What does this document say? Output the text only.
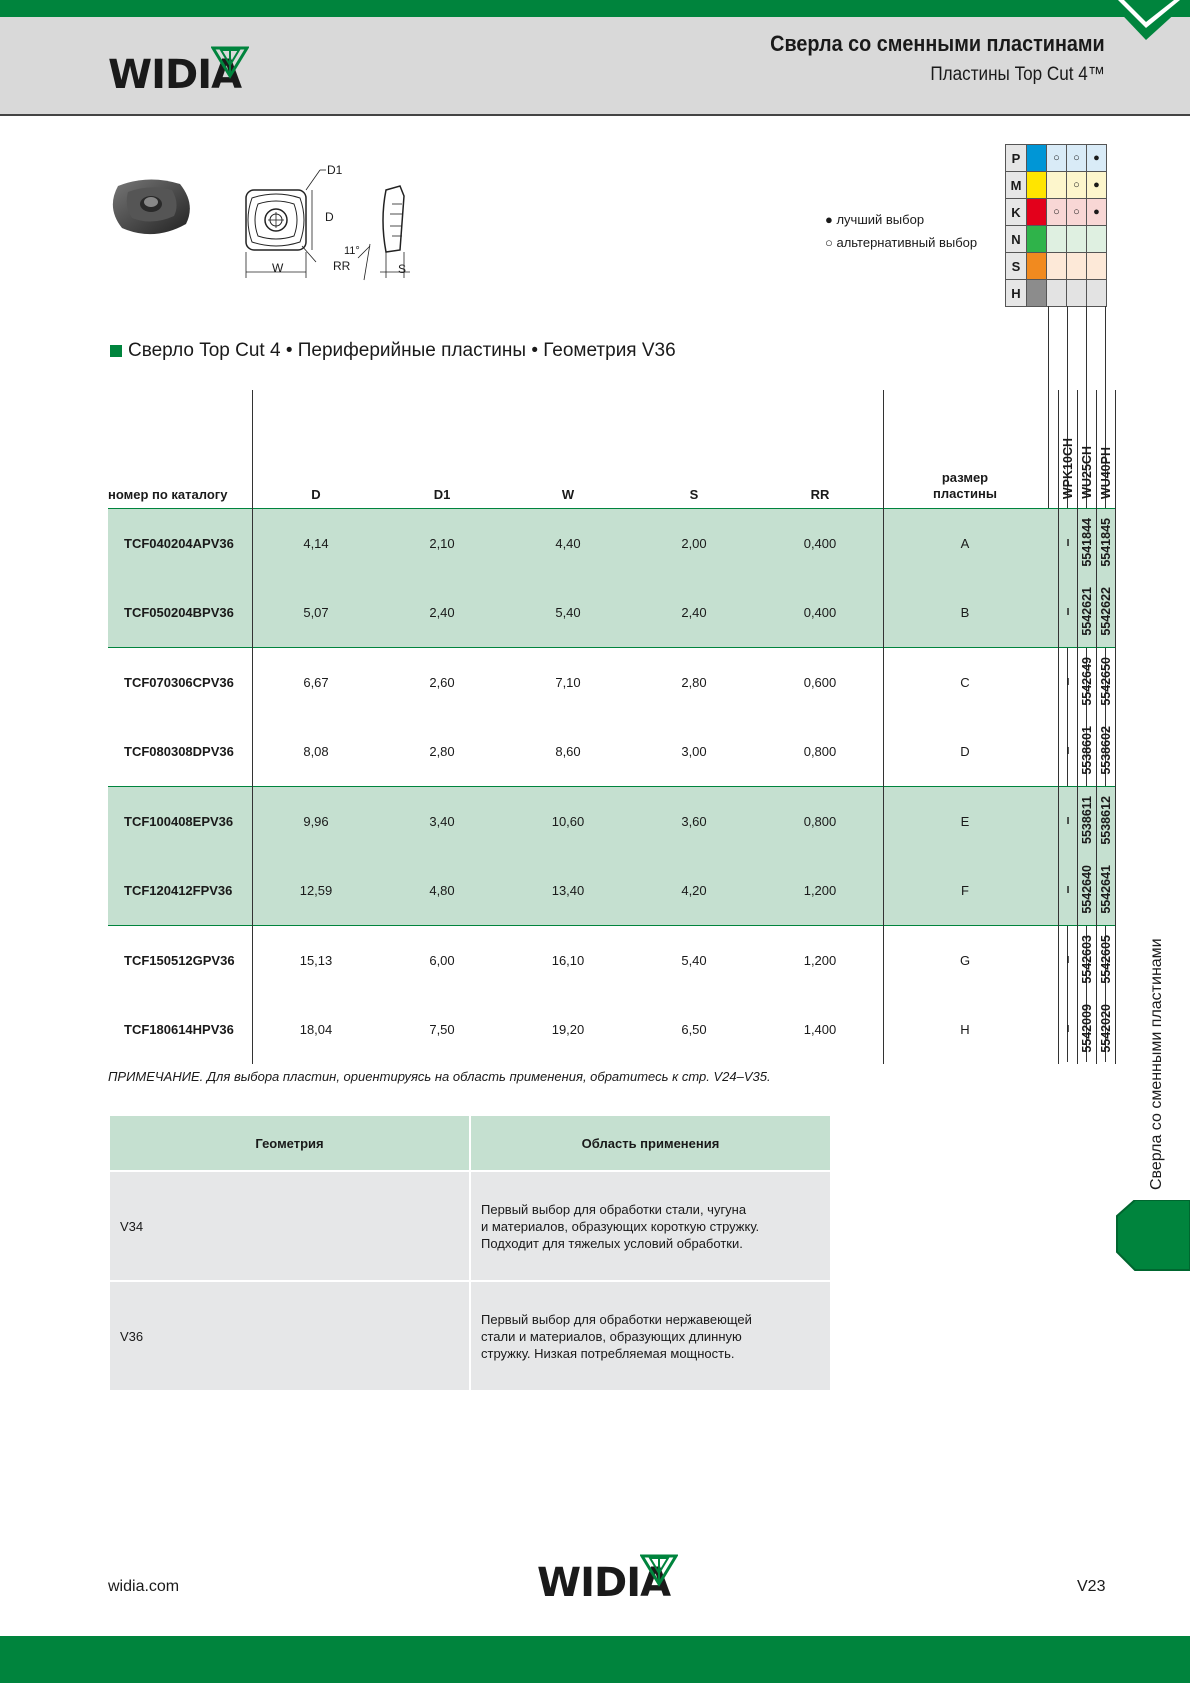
WIDIA
Сверла со сменными пластинами
Пластины Top Cut 4™
D1
D
11°
W	RR	S
● лучший выбор
○ альтернативный выбор
P		○	○	●
M			○	●
K		○	○	●
N				
S				
H				
Сверло Top Cut 4 • Периферийные пластины • Геометрия V36
номер по каталогу	D	D1	W	S	RR	размер пластины		WPK10CH	WU25CH	WU40PH
TCF040204APV36	4,14	2,10	4,40	2,00	0,400	A		I	5541844	5541845
TCF050204BPV36	5,07	2,40	5,40	2,40	0,400	B		I	5542621	5542622
TCF070306CPV36	6,67	2,60	7,10	2,80	0,600	C		I	5542649	5542650
TCF080308DPV36	8,08	2,80	8,60	3,00	0,800	D		I	5538601	5538602
TCF100408EPV36	9,96	3,40	10,60	3,60	0,800	E		I	5538611	5538612
TCF120412FPV36	12,59	4,80	13,40	4,20	1,200	F		I	5542640	5542641
TCF150512GPV36	15,13	6,00	16,10	5,40	1,200	G		I	5542603	5542605
TCF180614HPV36	18,04	7,50	19,20	6,50	1,400	H		I	5542009	5542020
ПРИМЕЧАНИЕ. Для выбора пластин, ориентируясь на область применения, обратитесь к стр. V24–V35.
Геометрия	Область применения
V34	Первый выбор для обработки стали, чугуна
и материалов, образующих короткую стружку.
Подходит для тяжелых условий обработки.

V36	Первый выбор для обработки нержавеющей
стали и материалов, образующих длинную
стружку. Низкая потребляемая мощность.
Сверла со сменными пластинами
widia.com	WIDIA	V23
